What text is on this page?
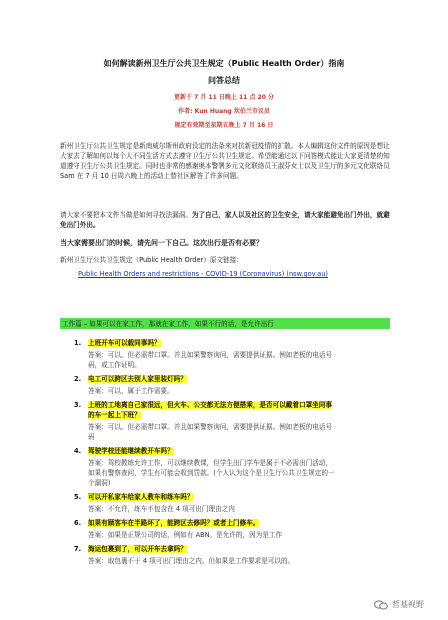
如何解读新州卫生厅公共卫生规定（Public Health Order）指南
问答总结
更新于 7 月 11 日晚上 11 点 20 分
作者: Kun Huang 坎伯兰市议员
规定有效期至星期五晚上 7 月 16 日
新州卫生厅公共卫生规定是新南威尔斯州政府设定的法条来对抗新冠疫情的扩散。本人编辑这份文件的原因是想让大家去了解如何以每个人不同生活方式去遵守卫生厅公共卫生规定。希望能通过以下问答模式能让大家更清楚的知道遵守卫生厅公共卫生规定。同时也非常的感谢奥本警署多元文化联络员王淑芬女士以及卫生厅的多元文化联络员 Sam 在 7 月 10 日周六晚上的活动上替社区解答了许多问题。
请大家不要把本文件当做是如何寻找法漏洞。为了自己，家人以及社区的卫生安全，请大家能避免出门外出，就避免出门外出。
当大家需要出门的时候，请先问一下自己。这次出行是否有必要？
新州卫生厅公共卫生规定（Public Health Order）原文链接：
Public Health Orders and restrictions - COVID-19 (Coronavirus) (nsw.gov.au)
工作篇 – 如果可以在家工作，那就在家工作，如果不行的话，是允许出行
1. 上班开车可以载同事吗？
答案：可以。但必需带口罩。并且如果警察询问，需要提供证据。例如老板的电话号
码，或工作证明。
2. 电工可以跨区去别人家里装灯吗？
答案：可以，属于工作需要。
3. 上班的工地离自己家很远，但火车、公交都无法方便搭乘，是否可以戴着口罩坐同事
的车一起上下班？
答案：可以。但必需带口罩。并且如果警察询问，需要提供证据。例如老板的电话号
码
4. 驾驶学校还能继续教开车吗？
答案：驾校教练允许工作，可以继续教课，但学生出门学车是属于不必需出门活动，
如果有警察查问，学生有可能会收到罚款。(个人认为这个是卫生厅公共卫生规定的一
个漏洞)
5. 可以开私家车给家人教车和练车吗？
答案：不允许，练车不包含在 4 项可出门理由之内
6. 如果有顾客车在半路坏了，能跨区去修吗？或者上门修车。
答案：如果是正规公司的话，例如有 ABN。是允许的，因为是工作
7. 海运包裹到了，可以开车去拿吗？
答案：取包裹不于 4 项可出门理由之内。但如果是工作要求是可以的。
哲基视野
